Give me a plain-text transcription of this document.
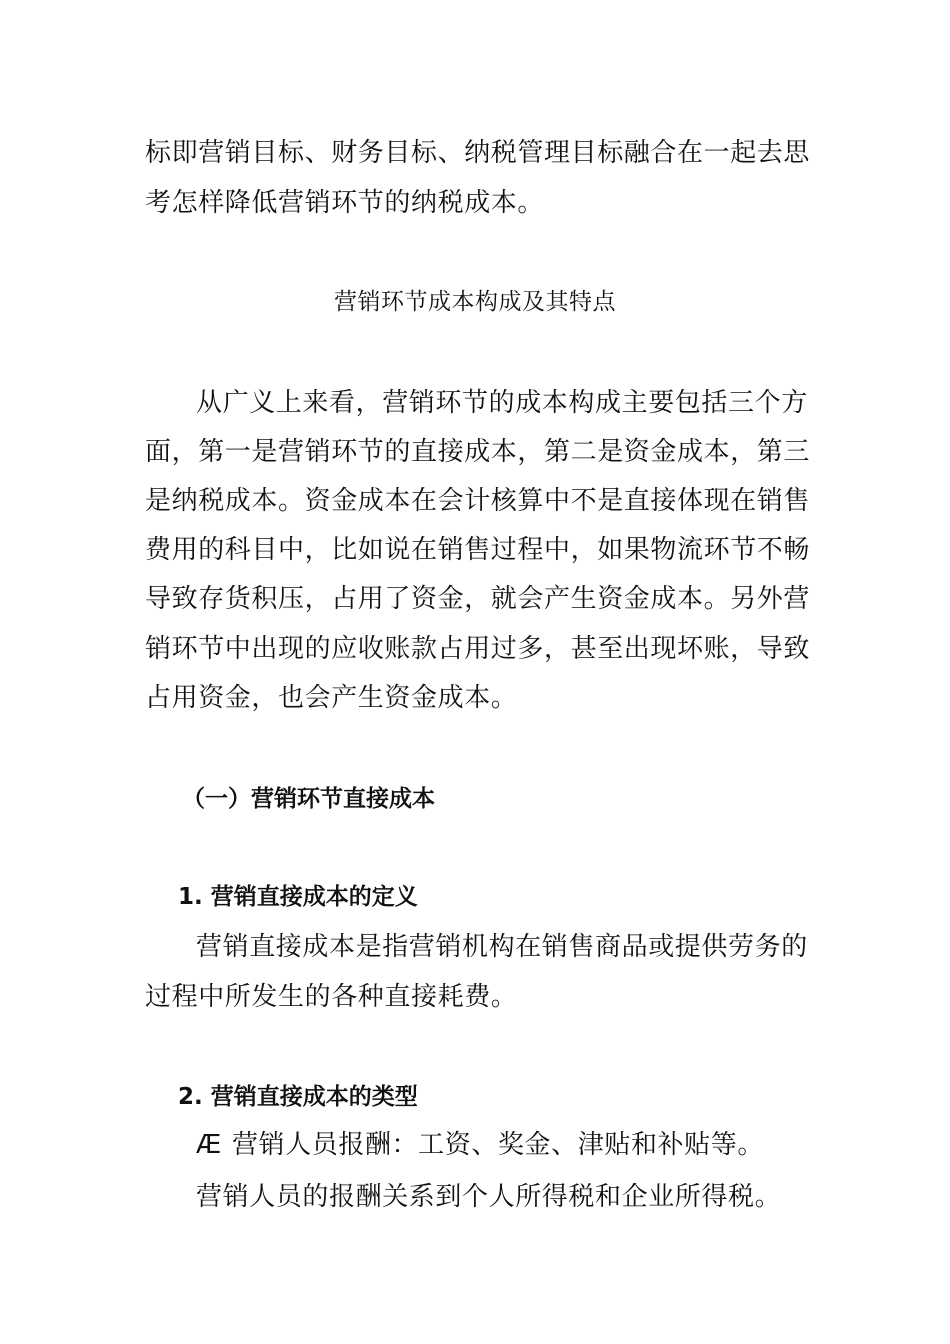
标即营销目标、财务目标、纳税管理目标融合在一起去思
考怎样降低营销环节的纳税成本。
营销环节成本构成及其特点
从广义上来看，营销环节的成本构成主要包括三个方
面，第一是营销环节的直接成本，第二是资金成本，第三
是纳税成本。资金成本在会计核算中不是直接体现在销售
费用的科目中，比如说在销售过程中，如果物流环节不畅
导致存货积压，占用了资金，就会产生资金成本。另外营
销环节中出现的应收账款占用过多，甚至出现坏账，导致
占用资金，也会产生资金成本。
（一）营销环节直接成本
1. 营销直接成本的定义
营销直接成本是指营销机构在销售商品或提供劳务的
过程中所发生的各种直接耗费。
2. 营销直接成本的类型
Æ 营销人员报酬：工资、奖金、津贴和补贴等。
营销人员的报酬关系到个人所得税和企业所得税。
